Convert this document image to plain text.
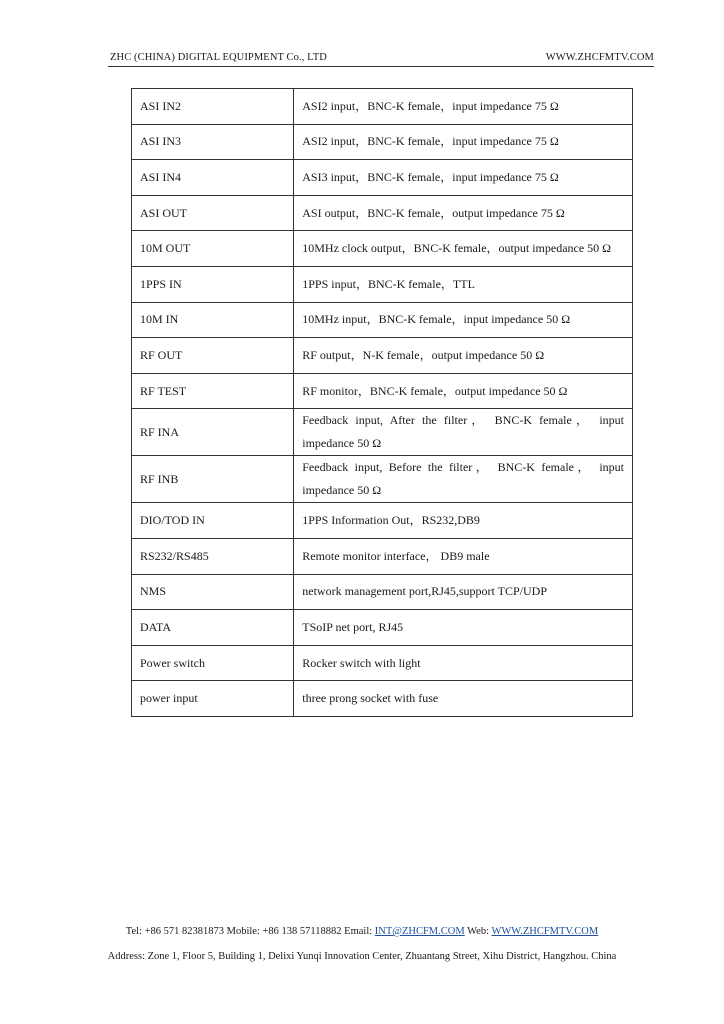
ZHC (CHINA) DIGITAL EQUIPMENT Co., LTD	WWW.ZHCFMTV.COM
ASI IN2	ASI2 input，BNC-K female，input impedance 75 Ω
ASI IN3	ASI2 input，BNC-K female，input impedance 75 Ω
ASI IN4	ASI3 input，BNC-K female，input impedance 75 Ω
ASI OUT	ASI output，BNC-K female，output impedance 75 Ω
10M OUT	10MHz clock output，BNC-K female，output impedance 50 Ω
1PPS IN	1PPS input，BNC-K female，TTL
10M IN	10MHz input，BNC-K female，input impedance 50 Ω
RF OUT	RF output，N-K female，output impedance 50 Ω
RF TEST	RF monitor，BNC-K female，output impedance 50 Ω
RF INA	Feedback input, After the filter， BNC-K female， input impedance 50 Ω
RF INB	Feedback input, Before the filter， BNC-K female， input impedance 50 Ω
DIO/TOD IN	1PPS Information Out，RS232,DB9
RS232/RS485	Remote monitor interface， DB9 male
NMS	network management port,RJ45,support TCP/UDP
DATA	TSoIP net port, RJ45
Power switch	Rocker switch with light
power input	three prong socket with fuse
Tel: +86 571 82381873 Mobile: +86 138 57118882 Email: INT@ZHCFM.COM Web: WWW.ZHCFMTV.COM
Address: Zone 1, Floor 5, Building 1, Delixi Yunqi Innovation Center, Zhuantang Street, Xihu District, Hangzhou. China
